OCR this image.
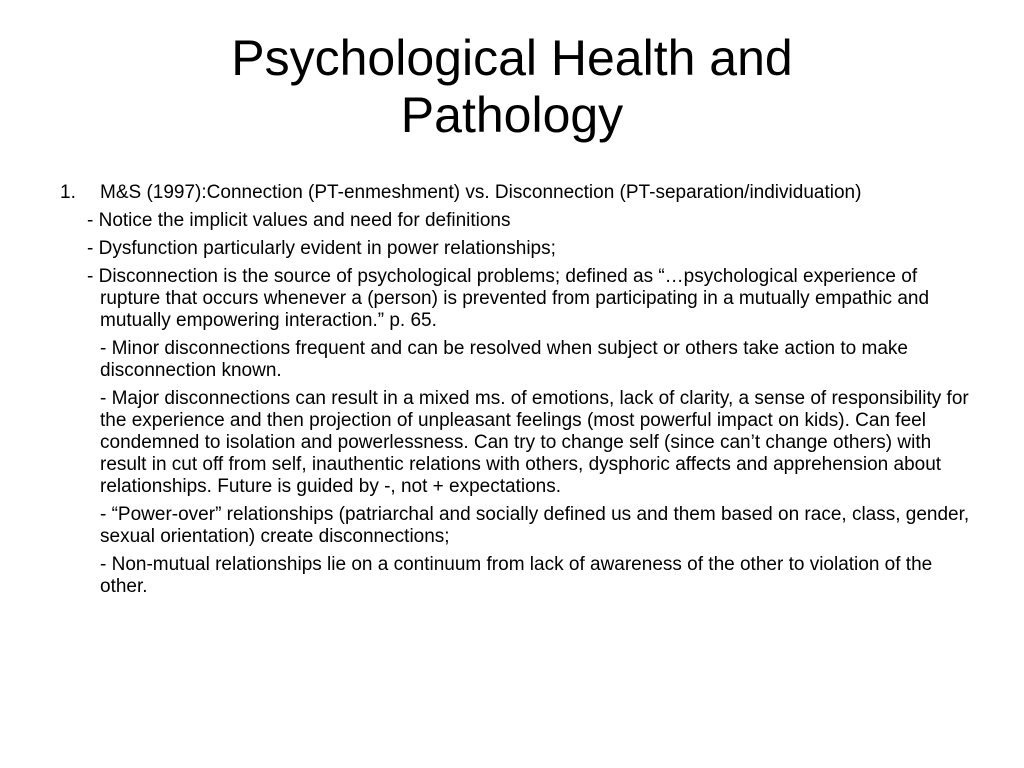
Psychological Health and
Pathology
1.	M&S (1997):Connection (PT-enmeshment) vs. Disconnection (PT-separation/individuation)
- Notice the implicit values and need for definitions
- Dysfunction particularly evident in power relationships;
- Disconnection is the source of psychological problems; defined as “…psychological experience of rupture that occurs whenever a (person) is prevented from participating in a mutually empathic and mutually empowering interaction.” p. 65.
- Minor disconnections frequent and can be resolved when subject or others take action to make disconnection known.
- Major disconnections can result in a mixed ms. of emotions, lack of clarity, a sense of responsibility for the experience and then projection of unpleasant feelings (most powerful impact on kids). Can feel condemned to isolation and powerlessness. Can try to change self (since can’t change others) with result in cut off from self, inauthentic relations with others, dysphoric affects and apprehension about relationships. Future is guided by -, not + expectations.
- “Power-over” relationships (patriarchal and socially defined us and them based on race, class, gender, sexual orientation) create disconnections;
- Non-mutual relationships lie on a continuum from lack of awareness of the other to violation of the other.
